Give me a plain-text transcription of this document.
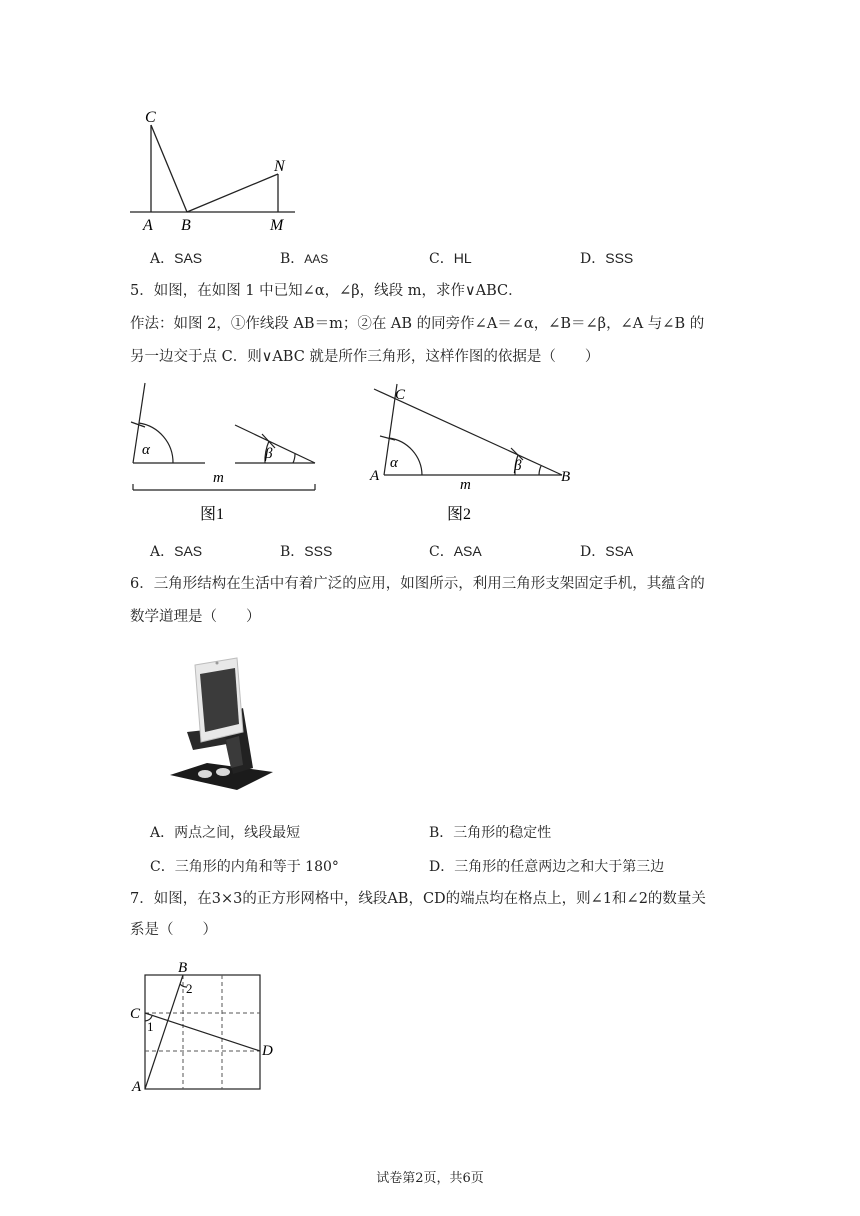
C
N
A B	M
A．SAS	B．AAS	C．HL	D．SSS
5．如图，在如图 1 中已知∠α，∠β，线段 m，求作∨ABC．
作法：如图 2，①作线段 AB＝m；②在 AB 的同旁作∠A＝∠α，∠B＝∠β，∠A 与∠B 的
另一边交于点 C．则∨ABC 就是所作三角形，这样作图的依据是（　　）
α	β
m
图1
C
α	β
A
m	B
图2
A．SAS	B．SSS	C．ASA	D．SSA
6．三角形结构在生活中有着广泛的应用，如图所示，利用三角形支架固定手机，其蕴含的
数学道理是（　　）
A．两点之间，线段最短	B．三角形的稳定性
C．三角形的内角和等于 180°	D．三角形的任意两边之和大于第三边
7．如图，在3×3的正方形网格中，线段AB，CD的端点均在格点上，则∠1和∠2的数量关
系是（　　）
B
2
C
1
D
A
试卷第2页，共6页
